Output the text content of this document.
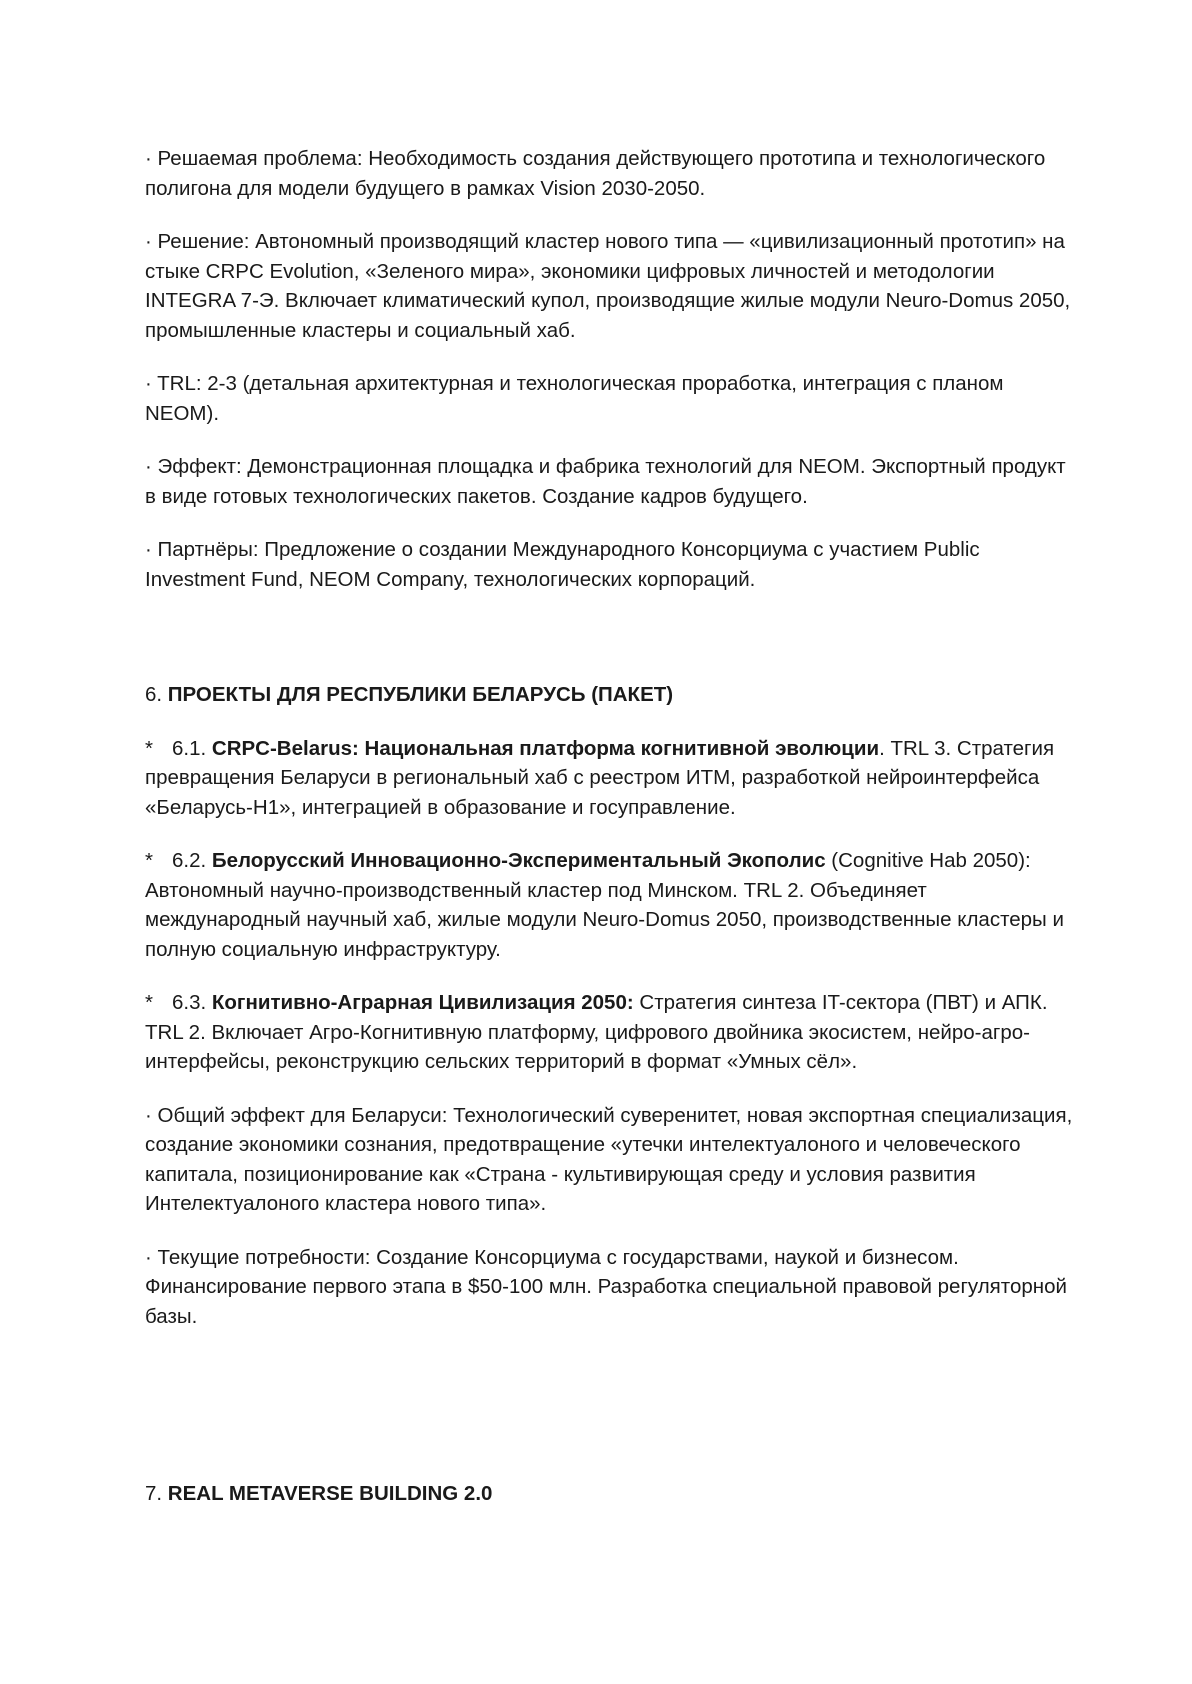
· Решаемая проблема: Необходимость создания действующего прототипа и технологического полигона для модели будущего в рамках Vision 2030-2050.

· Решение: Автономный производящий кластер нового типа — «цивилизационный прототип» на стыке CRPC Evolution, «Зеленого мира», экономики цифровых личностей и методологии INTEGRA 7-Э. Включает климатический купол, производящие жилые модули Neuro-Domus 2050, промышленные кластеры и социальный хаб.

· TRL: 2-3 (детальная архитектурная и технологическая проработка, интеграция с планом NEOM).

· Эффект: Демонстрационная площадка и фабрика технологий для NEOM. Экспортный продукт в виде готовых технологических пакетов. Создание кадров будущего.

· Партнёры: Предложение о создании Международного Консорциума с участием Public Investment Fund, NEOM Company, технологических корпораций.

6. ПРОЕКТЫ ДЛЯ РЕСПУБЛИКИ БЕЛАРУСЬ (ПАКЕТ)

* 6.1. CRPC-Belarus: Национальная платформа когнитивной эволюции. TRL 3. Стратегия превращения Беларуси в региональный хаб с реестром ИТМ, разработкой нейроинтерфейса «Беларусь-Н1», интеграцией в образование и госуправление.

* 6.2. Белорусский Инновационно-Экспериментальный Экополис (Cognitive Hab 2050): Автономный научно-производственный кластер под Минском. TRL 2. Объединяет международный научный хаб, жилые модули Neuro-Domus 2050, производственные кластеры и полную социальную инфраструктуру.

* 6.3. Когнитивно-Аграрная Цивилизация 2050: Стратегия синтеза IT-сектора (ПВТ) и АПК. TRL 2. Включает Агро-Когнитивную платформу, цифрового двойника экосистем, нейро-агро-интерфейсы, реконструкцию сельских территорий в формат «Умных сёл».

· Общий эффект для Беларуси: Технологический суверенитет, новая экспортная специализация, создание экономики сознания, предотвращение «утечки интелектуалоного и человеческого капитала, позиционирование как «Страна - культивирующая среду и условия развития Интелектуалоного кластера нового типа».

· Текущие потребности: Создание Консорциума с государствами, наукой и бизнесом. Финансирование первого этапа в $50-100 млн. Разработка специальной правовой регуляторной базы.

7. REAL METAVERSE BUILDING 2.0
